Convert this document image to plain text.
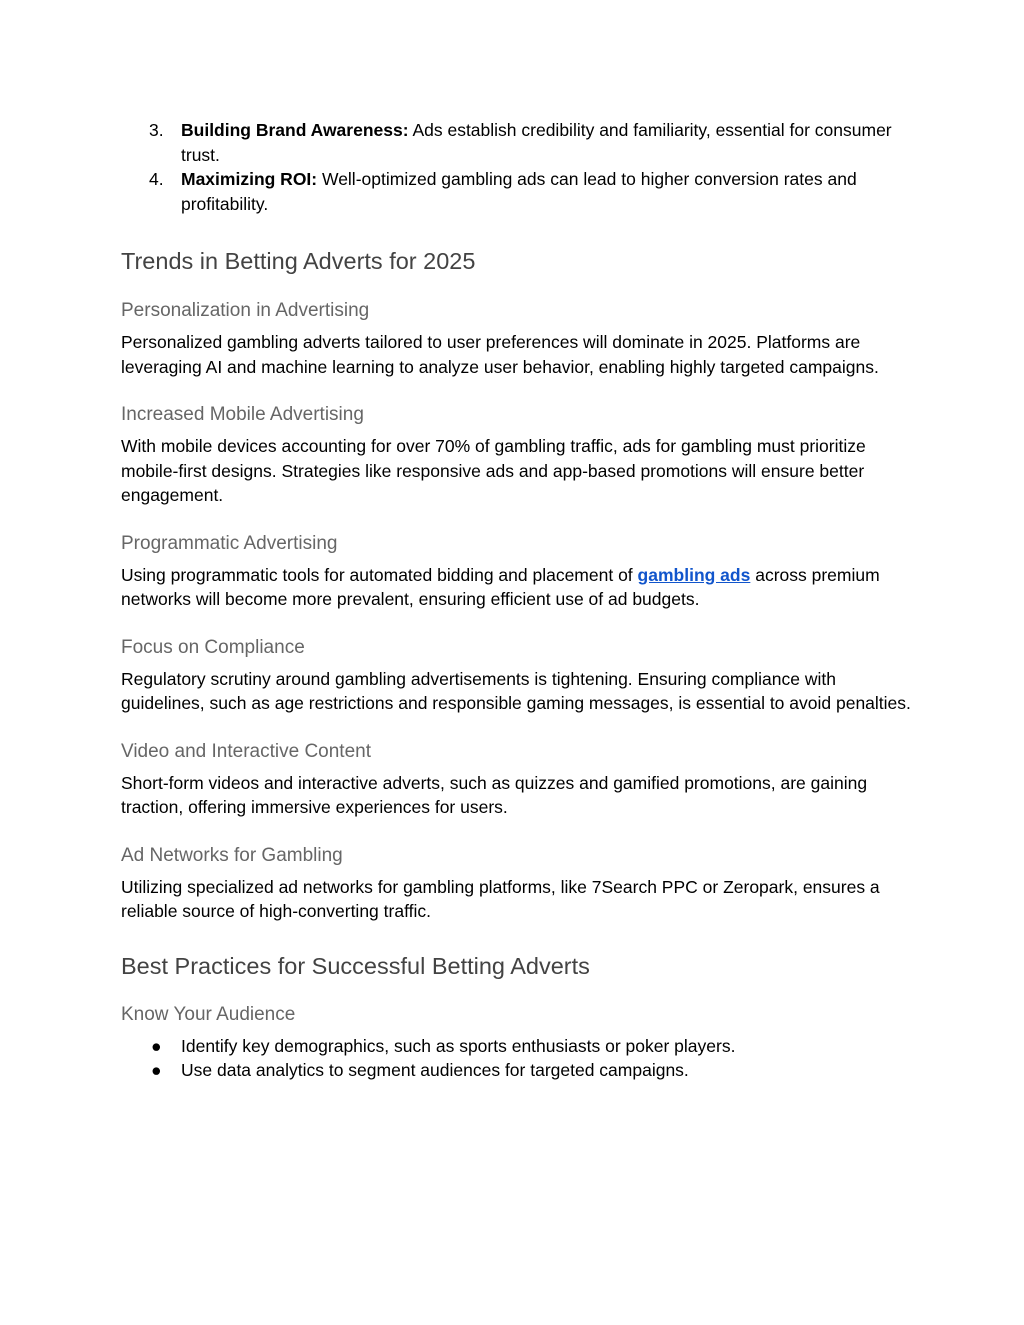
3. Building Brand Awareness: Ads establish credibility and familiarity, essential for consumer trust.
4. Maximizing ROI: Well-optimized gambling ads can lead to higher conversion rates and profitability.
Trends in Betting Adverts for 2025
Personalization in Advertising

Personalized gambling adverts tailored to user preferences will dominate in 2025. Platforms are leveraging AI and machine learning to analyze user behavior, enabling highly targeted campaigns.

Increased Mobile Advertising

With mobile devices accounting for over 70% of gambling traffic, ads for gambling must prioritize mobile-first designs. Strategies like responsive ads and app-based promotions will ensure better engagement.

Programmatic Advertising

Using programmatic tools for automated bidding and placement of gambling ads across premium networks will become more prevalent, ensuring efficient use of ad budgets.

Focus on Compliance

Regulatory scrutiny around gambling advertisements is tightening. Ensuring compliance with guidelines, such as age restrictions and responsible gaming messages, is essential to avoid penalties.

Video and Interactive Content

Short-form videos and interactive adverts, such as quizzes and gamified promotions, are gaining traction, offering immersive experiences for users.

Ad Networks for Gambling

Utilizing specialized ad networks for gambling platforms, like 7Search PPC or Zeropark, ensures a reliable source of high-converting traffic.

Best Practices for Successful Betting Adverts
Know Your Audience
● Identify key demographics, such as sports enthusiasts or poker players.
● Use data analytics to segment audiences for targeted campaigns.
